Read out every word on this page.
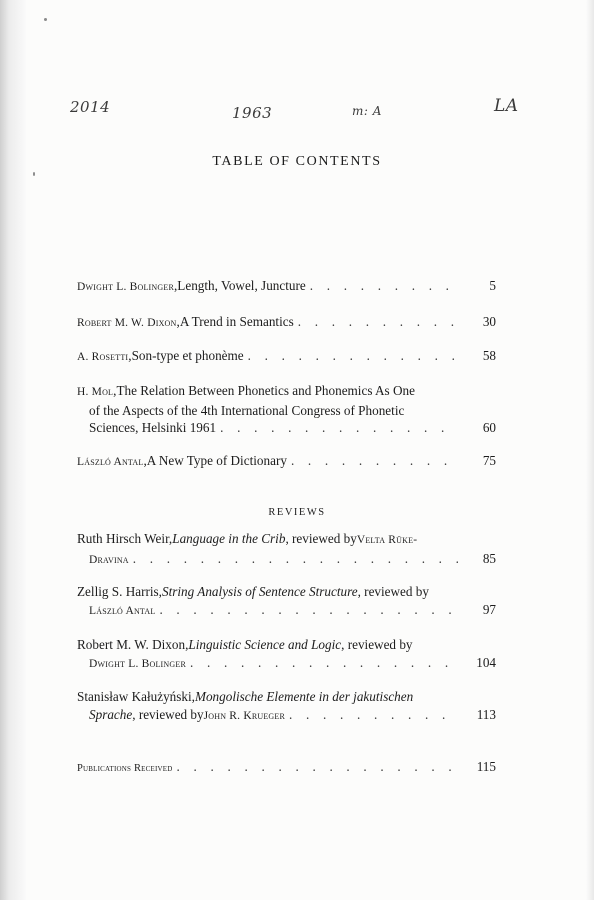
2014	1963	m: A	LA
TABLE OF CONTENTS
Dwight L. Bolinger , Length, Vowel, Juncture . . .	5
Robert M. W. Dixon , A Trend in Semantics . . .	30
A. Rosetti , Son-type et phonème . . .	58
H. Mol , The Relation Between Phonetics and Phonemics As One
of the Aspects of the 4th International Congress of Phonetic
Sciences, Helsinki 1961 . . .	60
László Antal , A New Type of Dictionary . . .	75
REVIEWS
Ruth Hirsch Weir, Language in the Crib , reviewed by Velta Rūke-
Dravina . . .	85
Zellig S. Harris, String Analysis of Sentence Structure , reviewed by
László Antal . . .	97
Robert M. W. Dixon, Linguistic Science and Logic , reviewed by
Dwight L. Bolinger . . .	104
Stanisław Kałużyński, Mongolische Elemente in der jakutischen
Sprache , reviewed by John R. Krueger . . .	113
Publications Received . . .	115
